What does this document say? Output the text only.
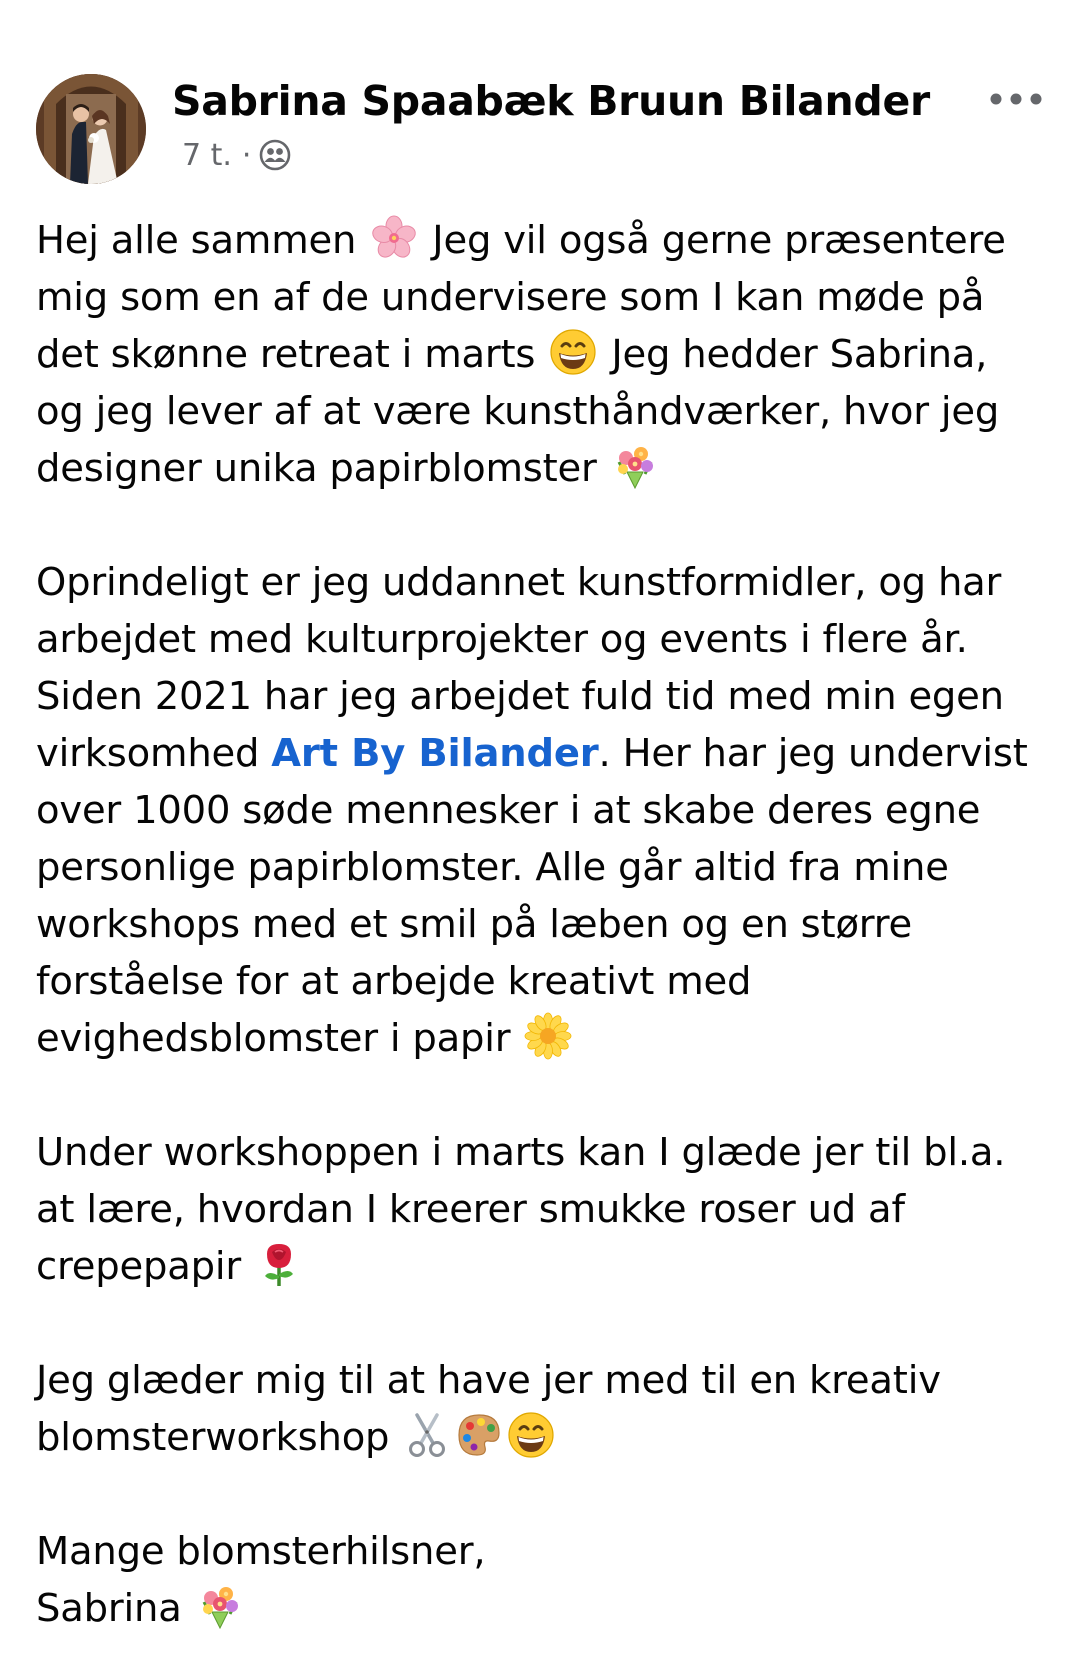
Sabrina Spaabæk Bruun Bilander
7 t. ·

Hej alle sammen
Jeg vil også gerne præsentere
mig som en af de undervisere som I kan møde på
det skønne retreat i marts
Jeg hedder Sabrina,
og jeg lever af at være kunsthåndværker, hvor jeg
designer unika papirblomster

Oprindeligt er jeg uddannet kunstformidler, og har
arbejdet med kulturprojekter og events i flere år.
Siden 2021 har jeg arbejdet fuld tid med min egen
virksomhed Art By Bilander. Her har jeg undervist
over 1000 søde mennesker i at skabe deres egne
personlige papirblomster. Alle går altid fra mine
workshops med et smil på læben og en større
forståelse for at arbejde kreativt med
evighedsblomster i papir

Under workshoppen i marts kan I glæde jer til bl.a.
at lære, hvordan I kreerer smukke roser ud af
crepepapir

Jeg glæder mig til at have jer med til en kreativ
blomsterworkshop

Mange blomsterhilsner,
Sabrina
